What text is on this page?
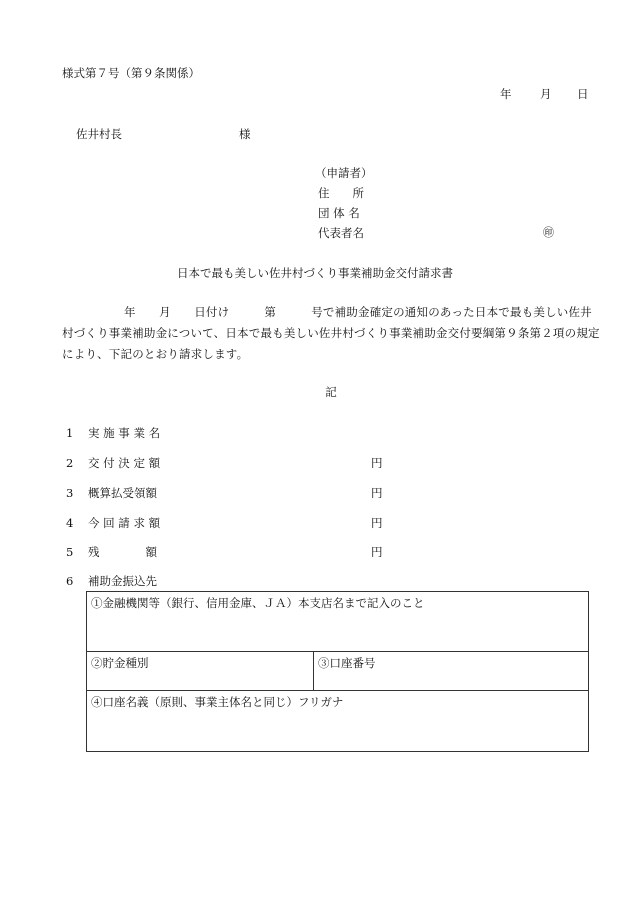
様式第７号（第９条関係）
年 月 日
佐井村長	様
（申請者）
住　　所
団 体 名
代表者名	㊞
日本で最も美しい佐井村づくり事業補助金交付請求書
年　　月　　日付け　　　第　　　号で補助金確定の通知のあった日本で最も美しい佐井村づくり事業補助金について、日本で最も美しい佐井村づくり事業補助金交付要綱第９条第２項の規定により、下記のとおり請求します。
記
1 実 施 事 業 名
2 交 付 決 定 額	円
3 概算払受領額	円
4 今 回 請 求 額	円
5 残　　　　額	円
6 補助金振込先
①金融機関等（銀行、信用金庫、ＪＡ）本支店名まで記入のこと
②貯金種別	③口座番号
④口座名義（原則、事業主体名と同じ）フリガナ
